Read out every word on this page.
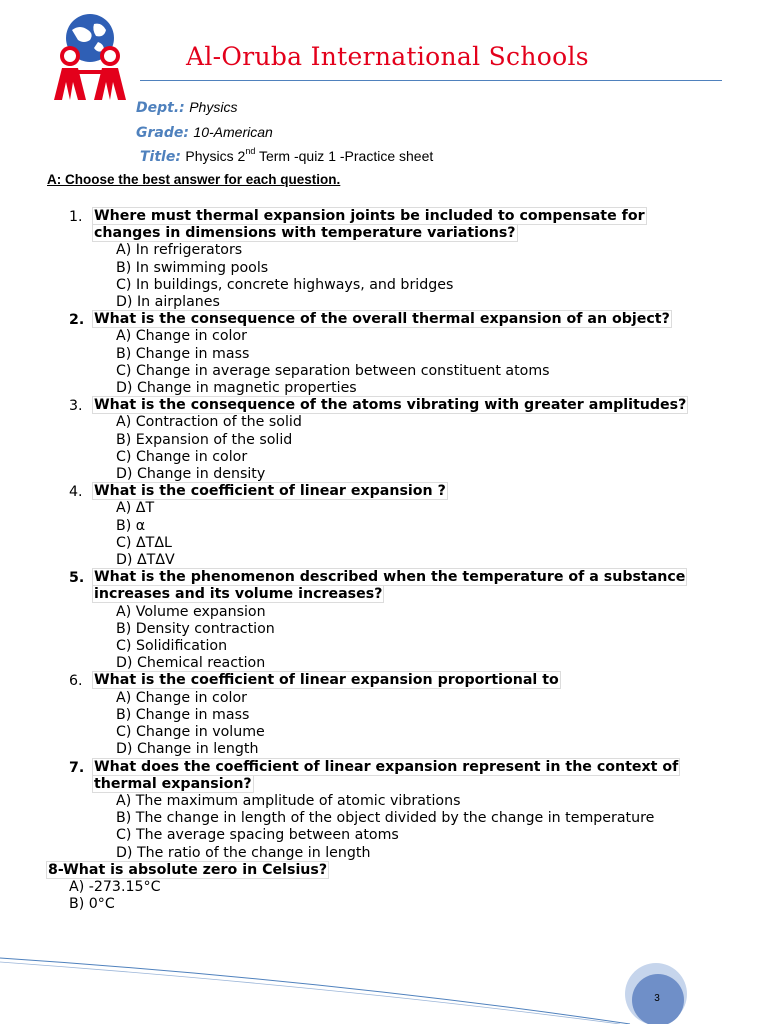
Al-Oruba International Schools
Dept.: Physics
Grade: 10-American
Title: Physics 2nd Term -quiz 1 -Practice sheet
A: Choose the best answer for each question.
1. Where must thermal expansion joints be included to compensate for changes in dimensions with temperature variations?
A) In refrigerators
B) In swimming pools
C) In buildings, concrete highways, and bridges
D) In airplanes
2. What is the consequence of the overall thermal expansion of an object?
A) Change in color
B) Change in mass
C) Change in average separation between constituent atoms
D) Change in magnetic properties
3. What is the consequence of the atoms vibrating with greater amplitudes?
A) Contraction of the solid
B) Expansion of the solid
C) Change in color
D) Change in density
4. What is the coefficient of linear expansion ?
A) ΔT
B) α
C) ΔTΔL
D) ΔTΔV
5. What is the phenomenon described when the temperature of a substance increases and its volume increases?
A) Volume expansion
B) Density contraction
C) Solidification
D) Chemical reaction
6. What is the coefficient of linear expansion proportional to
A) Change in color
B) Change in mass
C) Change in volume
D) Change in length
7. What does the coefficient of linear expansion represent in the context of thermal expansion?
A) The maximum amplitude of atomic vibrations
B) The change in length of the object divided by the change in temperature
C) The average spacing between atoms
D) The ratio of the change in length
8-What is absolute zero in Celsius?
A) -273.15°C
B) 0°C
3
